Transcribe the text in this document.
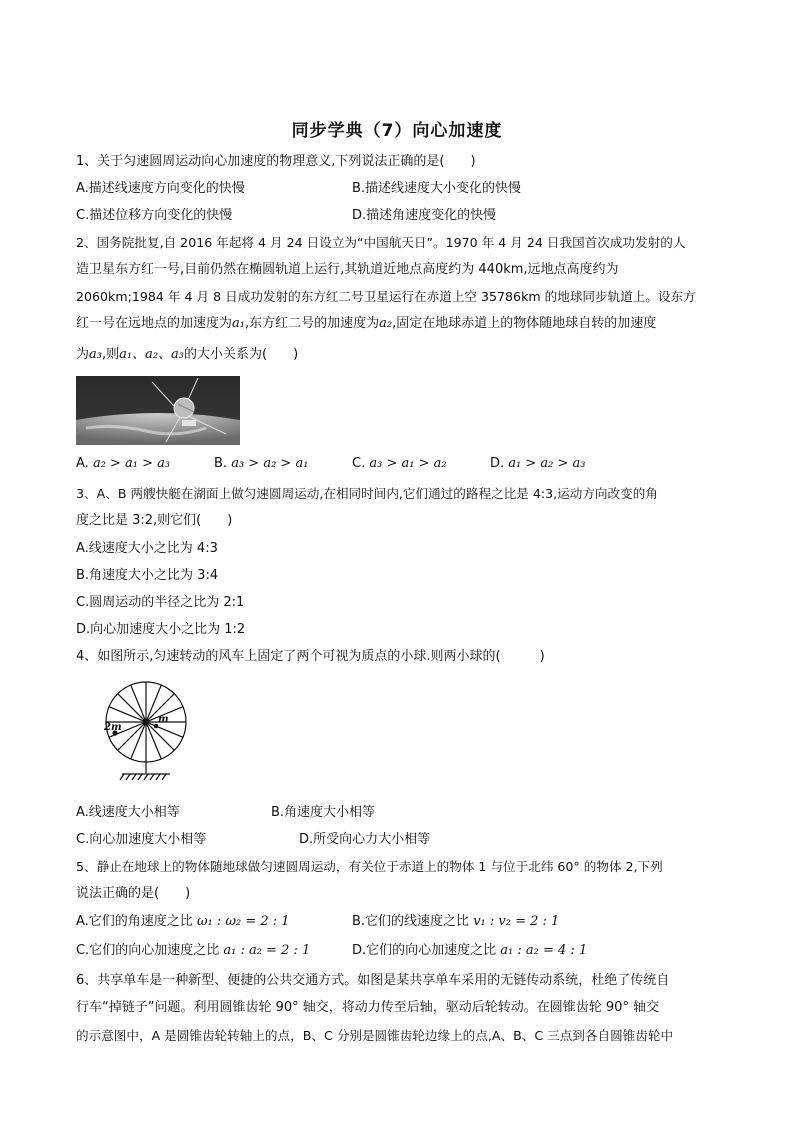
同步学典（7）向心加速度
1、关于匀速圆周运动向心加速度的物理意义,下列说法正确的是(　　)
A.描述线速度方向变化的快慢	B.描述线速度大小变化的快慢
C.描述位移方向变化的快慢	D.描述角速度变化的快慢
2、国务院批复,自 2016 年起将 4 月 24 日设立为“中国航天日”。1970 年 4 月 24 日我国首次成功发射的人
造卫星东方红一号,目前仍然在椭圆轨道上运行,其轨道近地点高度约为 440km,远地点高度约为
2060km;1984 年 4 月 8 日成功发射的东方红二号卫星运行在赤道上空 35786km 的地球同步轨道上。设东方
红一号在远地点的加速度为a₁,东方红二号的加速度为a₂,固定在地球赤道上的物体随地球自转的加速度
为a₃,则a₁、a₂、a₃的大小关系为(　　)
A. a₂ > a₁ > a₃	B. a₃ > a₂ > a₁	C. a₃ > a₁ > a₂	D. a₁ > a₂ > a₃
3、A、B 两艘快艇在湖面上做匀速圆周运动,在相同时间内,它们通过的路程之比是 4:3,运动方向改变的角
度之比是 3:2,则它们(　　)
A.线速度大小之比为 4:3
B.角速度大小之比为 3:4
C.圆周运动的半径之比为 2:1
D.向心加速度大小之比为 1:2
4、如图所示,匀速转动的风车上固定了两个可视为质点的小球.则两小球的(　　　)
2m
m
A.线速度大小相等	B.角速度大小相等
C.向心加速度大小相等	D.所受向心力大小相等
5、静止在地球上的物体随地球做匀速圆周运动，有关位于赤道上的物体 1 与位于北纬 60° 的物体 2,下列
说法正确的是(　　)
A.它们的角速度之比 ω₁ : ω₂ = 2 : 1	B.它们的线速度之比 v₁ : v₂ = 2 : 1
C.它们的向心加速度之比 a₁ : a₂ = 2 : 1	D.它们的向心加速度之比 a₁ : a₂ = 4 : 1
6、共享单车是一种新型、便捷的公共交通方式。如图是某共享单车采用的无链传动系统，杜绝了传统自
行车“掉链子”问题。利用圆锥齿轮 90° 轴交，将动力传至后轴，驱动后轮转动。在圆锥齿轮 90° 轴交
的示意图中，A 是圆锥齿轮转轴上的点，B、C 分别是圆锥齿轮边缘上的点,A、B、C 三点到各自圆锥齿轮中
